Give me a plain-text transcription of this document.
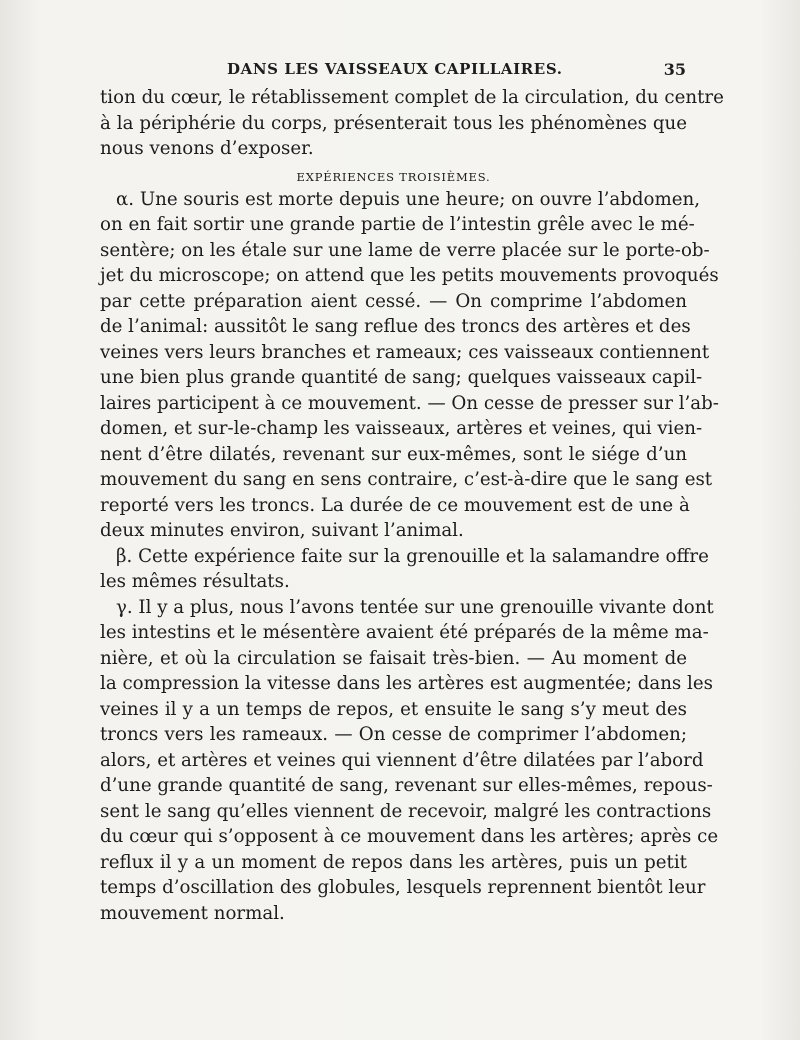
DANS LES VAISSEAUX CAPILLAIRES.	35
tion du cœur, le rétablissement complet de la circulation, du centre
à la périphérie du corps, présenterait tous les phénomènes que
nous venons d’exposer.
EXPÉRIENCES TROISIÈMES.
α. Une souris est morte depuis une heure; on ouvre l’abdomen,
on en fait sortir une grande partie de l’intestin grêle avec le mé-
sentère; on les étale sur une lame de verre placée sur le porte-ob-
jet du microscope; on attend que les petits mouvements provoqués
par cette préparation aient cessé. — On comprime l’abdomen
de l’animal: aussitôt le sang reflue des troncs des artères et des
veines vers leurs branches et rameaux; ces vaisseaux contiennent
une bien plus grande quantité de sang; quelques vaisseaux capil-
laires participent à ce mouvement. — On cesse de presser sur l’ab-
domen, et sur-le-champ les vaisseaux, artères et veines, qui vien-
nent d’être dilatés, revenant sur eux-mêmes, sont le siége d’un
mouvement du sang en sens contraire, c’est-à-dire que le sang est
reporté vers les troncs. La durée de ce mouvement est de une à
deux minutes environ, suivant l’animal.
β. Cette expérience faite sur la grenouille et la salamandre offre
les mêmes résultats.
γ. Il y a plus, nous l’avons tentée sur une grenouille vivante dont
les intestins et le mésentère avaient été préparés de la même ma-
nière, et où la circulation se faisait très-bien. — Au moment de
la compression la vitesse dans les artères est augmentée; dans les
veines il y a un temps de repos, et ensuite le sang s’y meut des
troncs vers les rameaux. — On cesse de comprimer l’abdomen;
alors, et artères et veines qui viennent d’être dilatées par l’abord
d’une grande quantité de sang, revenant sur elles-mêmes, repous-
sent le sang qu’elles viennent de recevoir, malgré les contractions
du cœur qui s’opposent à ce mouvement dans les artères; après ce
reflux il y a un moment de repos dans les artères, puis un petit
temps d’oscillation des globules, lesquels reprennent bientôt leur
mouvement normal.
